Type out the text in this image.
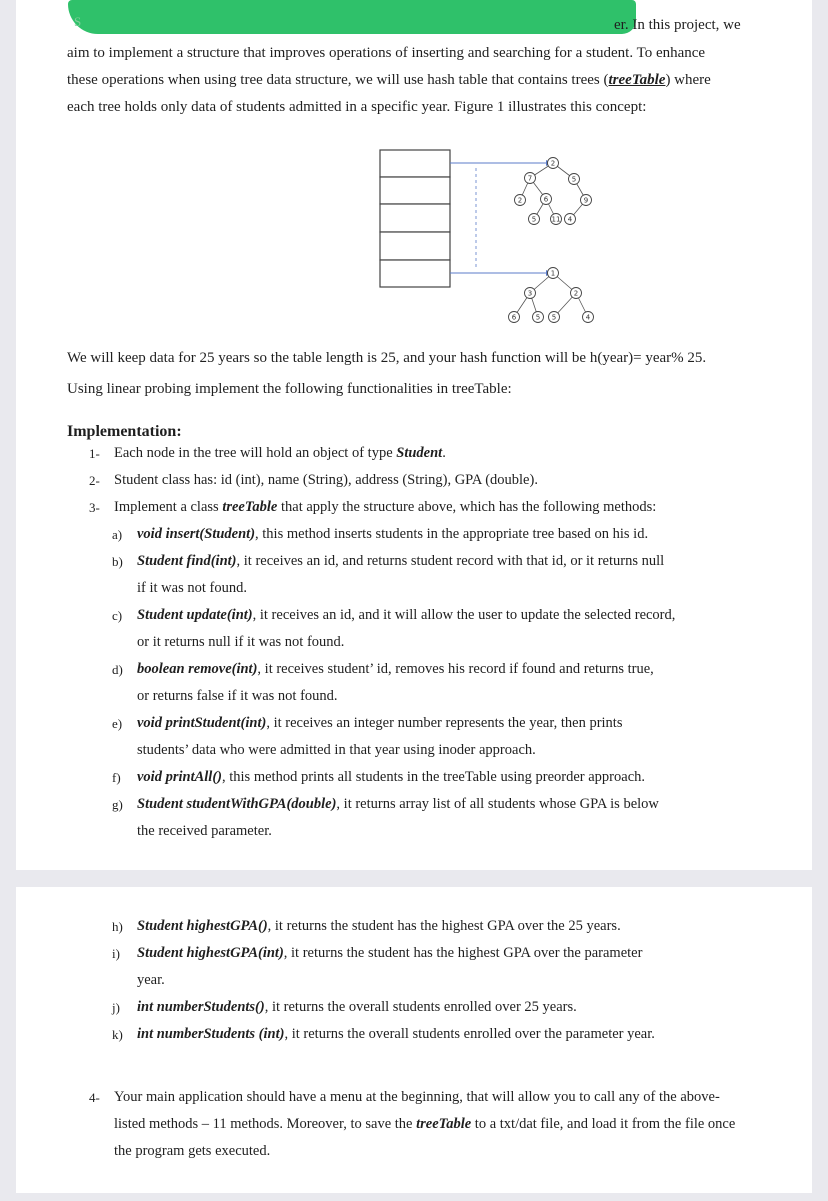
S	er. In this project, we
aim to implement a structure that improves operations of inserting and searching for a student. To enhance
these operations when using tree data structure, we will use hash table that contains trees (treeTable) where
each tree holds only data of students admitted in a specific year. Figure 1 illustrates this concept:
2
7	5
2	6	9
5 11 4
1
3	2
6	5 5	4
We will keep data for 25 years so the table length is 25, and your hash function will be h(year)= year% 25.
Using linear probing implement the following functionalities in treeTable:
Implementation:
1- Each node in the tree will hold an object of type Student.
2- Student class has: id (int), name (String), address (String), GPA (double).
3- Implement a class treeTable that apply the structure above, which has the following methods:
a) void insert(Student), this method inserts students in the appropriate tree based on his id.
b) Student find(int), it receives an id, and returns student record with that id, or it returns null
if it was not found.
c) Student update(int), it receives an id, and it will allow the user to update the selected record,
or it returns null if it was not found.
d) boolean remove(int), it receives student’ id, removes his record if found and returns true,
or returns false if it was not found.
e) void printStudent(int), it receives an integer number represents the year, then prints
students’ data who were admitted in that year using inoder approach.
f) void printAll(), this method prints all students in the treeTable using preorder approach.
g) Student studentWithGPA(double), it returns array list of all students whose GPA is below
the received parameter.
h) Student highestGPA(), it returns the student has the highest GPA over the 25 years.
i) Student highestGPA(int), it returns the student has the highest GPA over the parameter
year.
j) int numberStudents(), it returns the overall students enrolled over 25 years.
k) int numberStudents (int), it returns the overall students enrolled over the parameter year.
4- Your main application should have a menu at the beginning, that will allow you to call any of the above-
listed methods – 11 methods. Moreover, to save the treeTable to a txt/dat file, and load it from the file once
the program gets executed.
